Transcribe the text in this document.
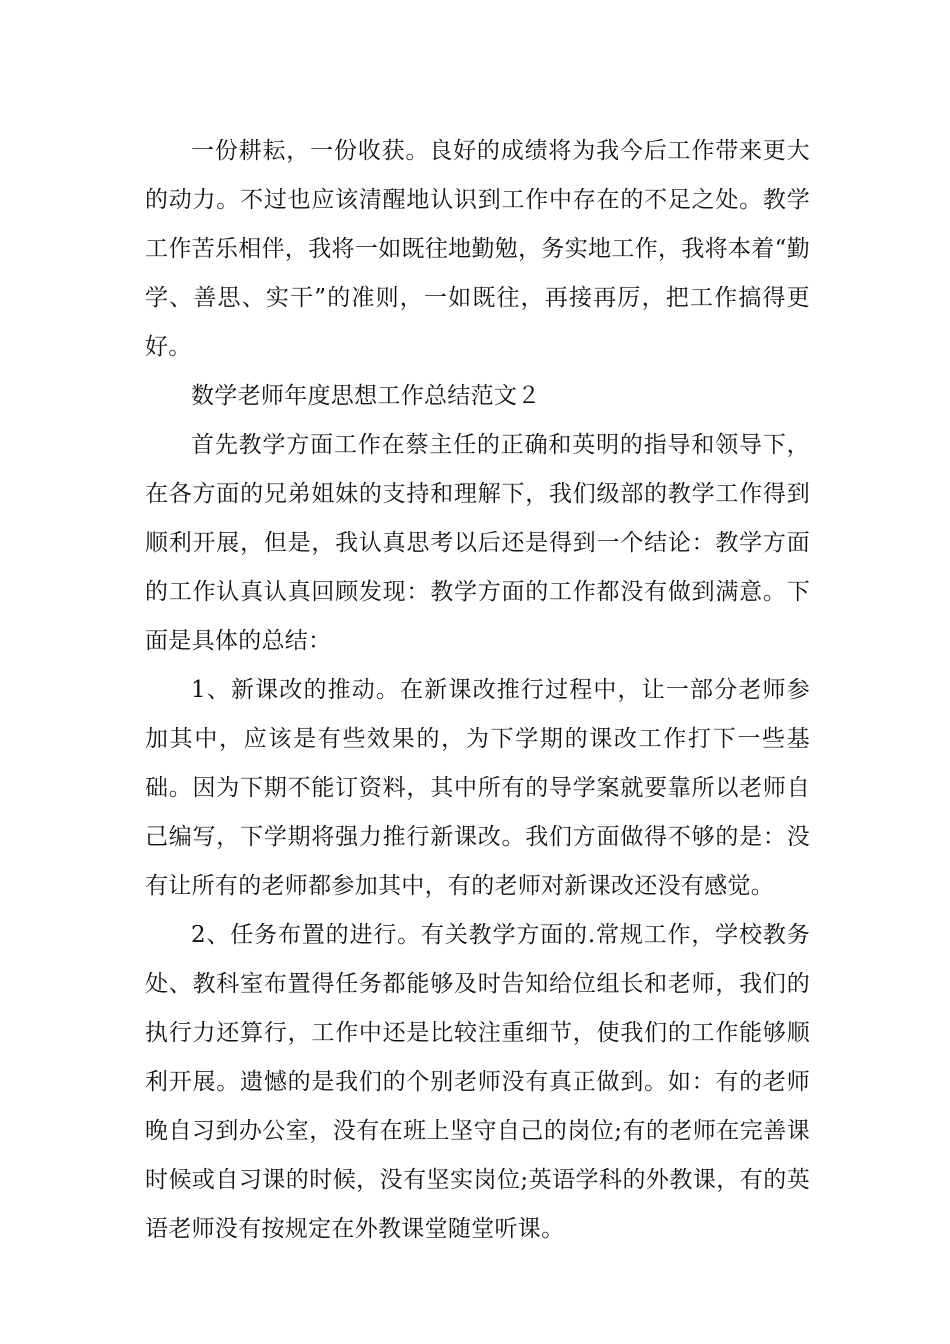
一份耕耘，一份收获。良好的成绩将为我今后工作带来更大的动力。不过也应该清醒地认识到工作中存在的不足之处。教学工作苦乐相伴，我将一如既往地勤勉，务实地工作，我将本着“勤学、善思、实干”的准则，一如既往，再接再厉，把工作搞得更好。

数学老师年度思想工作总结范文２

首先教学方面工作在蔡主任的正确和英明的指导和领导下，在各方面的兄弟姐妹的支持和理解下，我们级部的教学工作得到顺利开展，但是，我认真思考以后还是得到一个结论：教学方面的工作认真认真回顾发现：教学方面的工作都没有做到满意。下面是具体的总结：

1、新课改的推动。在新课改推行过程中，让一部分老师参加其中，应该是有些效果的，为下学期的课改工作打下一些基础。因为下期不能订资料，其中所有的导学案就要靠所以老师自己编写，下学期将强力推行新课改。我们方面做得不够的是：没有让所有的老师都参加其中，有的老师对新课改还没有感觉。

2、任务布置的进行。有关教学方面的.常规工作，学校教务处、教科室布置得任务都能够及时告知给位组长和老师，我们的执行力还算行，工作中还是比较注重细节，使我们的工作能够顺利开展。遗憾的是我们的个别老师没有真正做到。如：有的老师晚自习到办公室，没有在班上坚守自己的岗位;有的老师在完善课时候或自习课的时候，没有坚实岗位;英语学科的外教课，有的英语老师没有按规定在外教课堂随堂听课。
